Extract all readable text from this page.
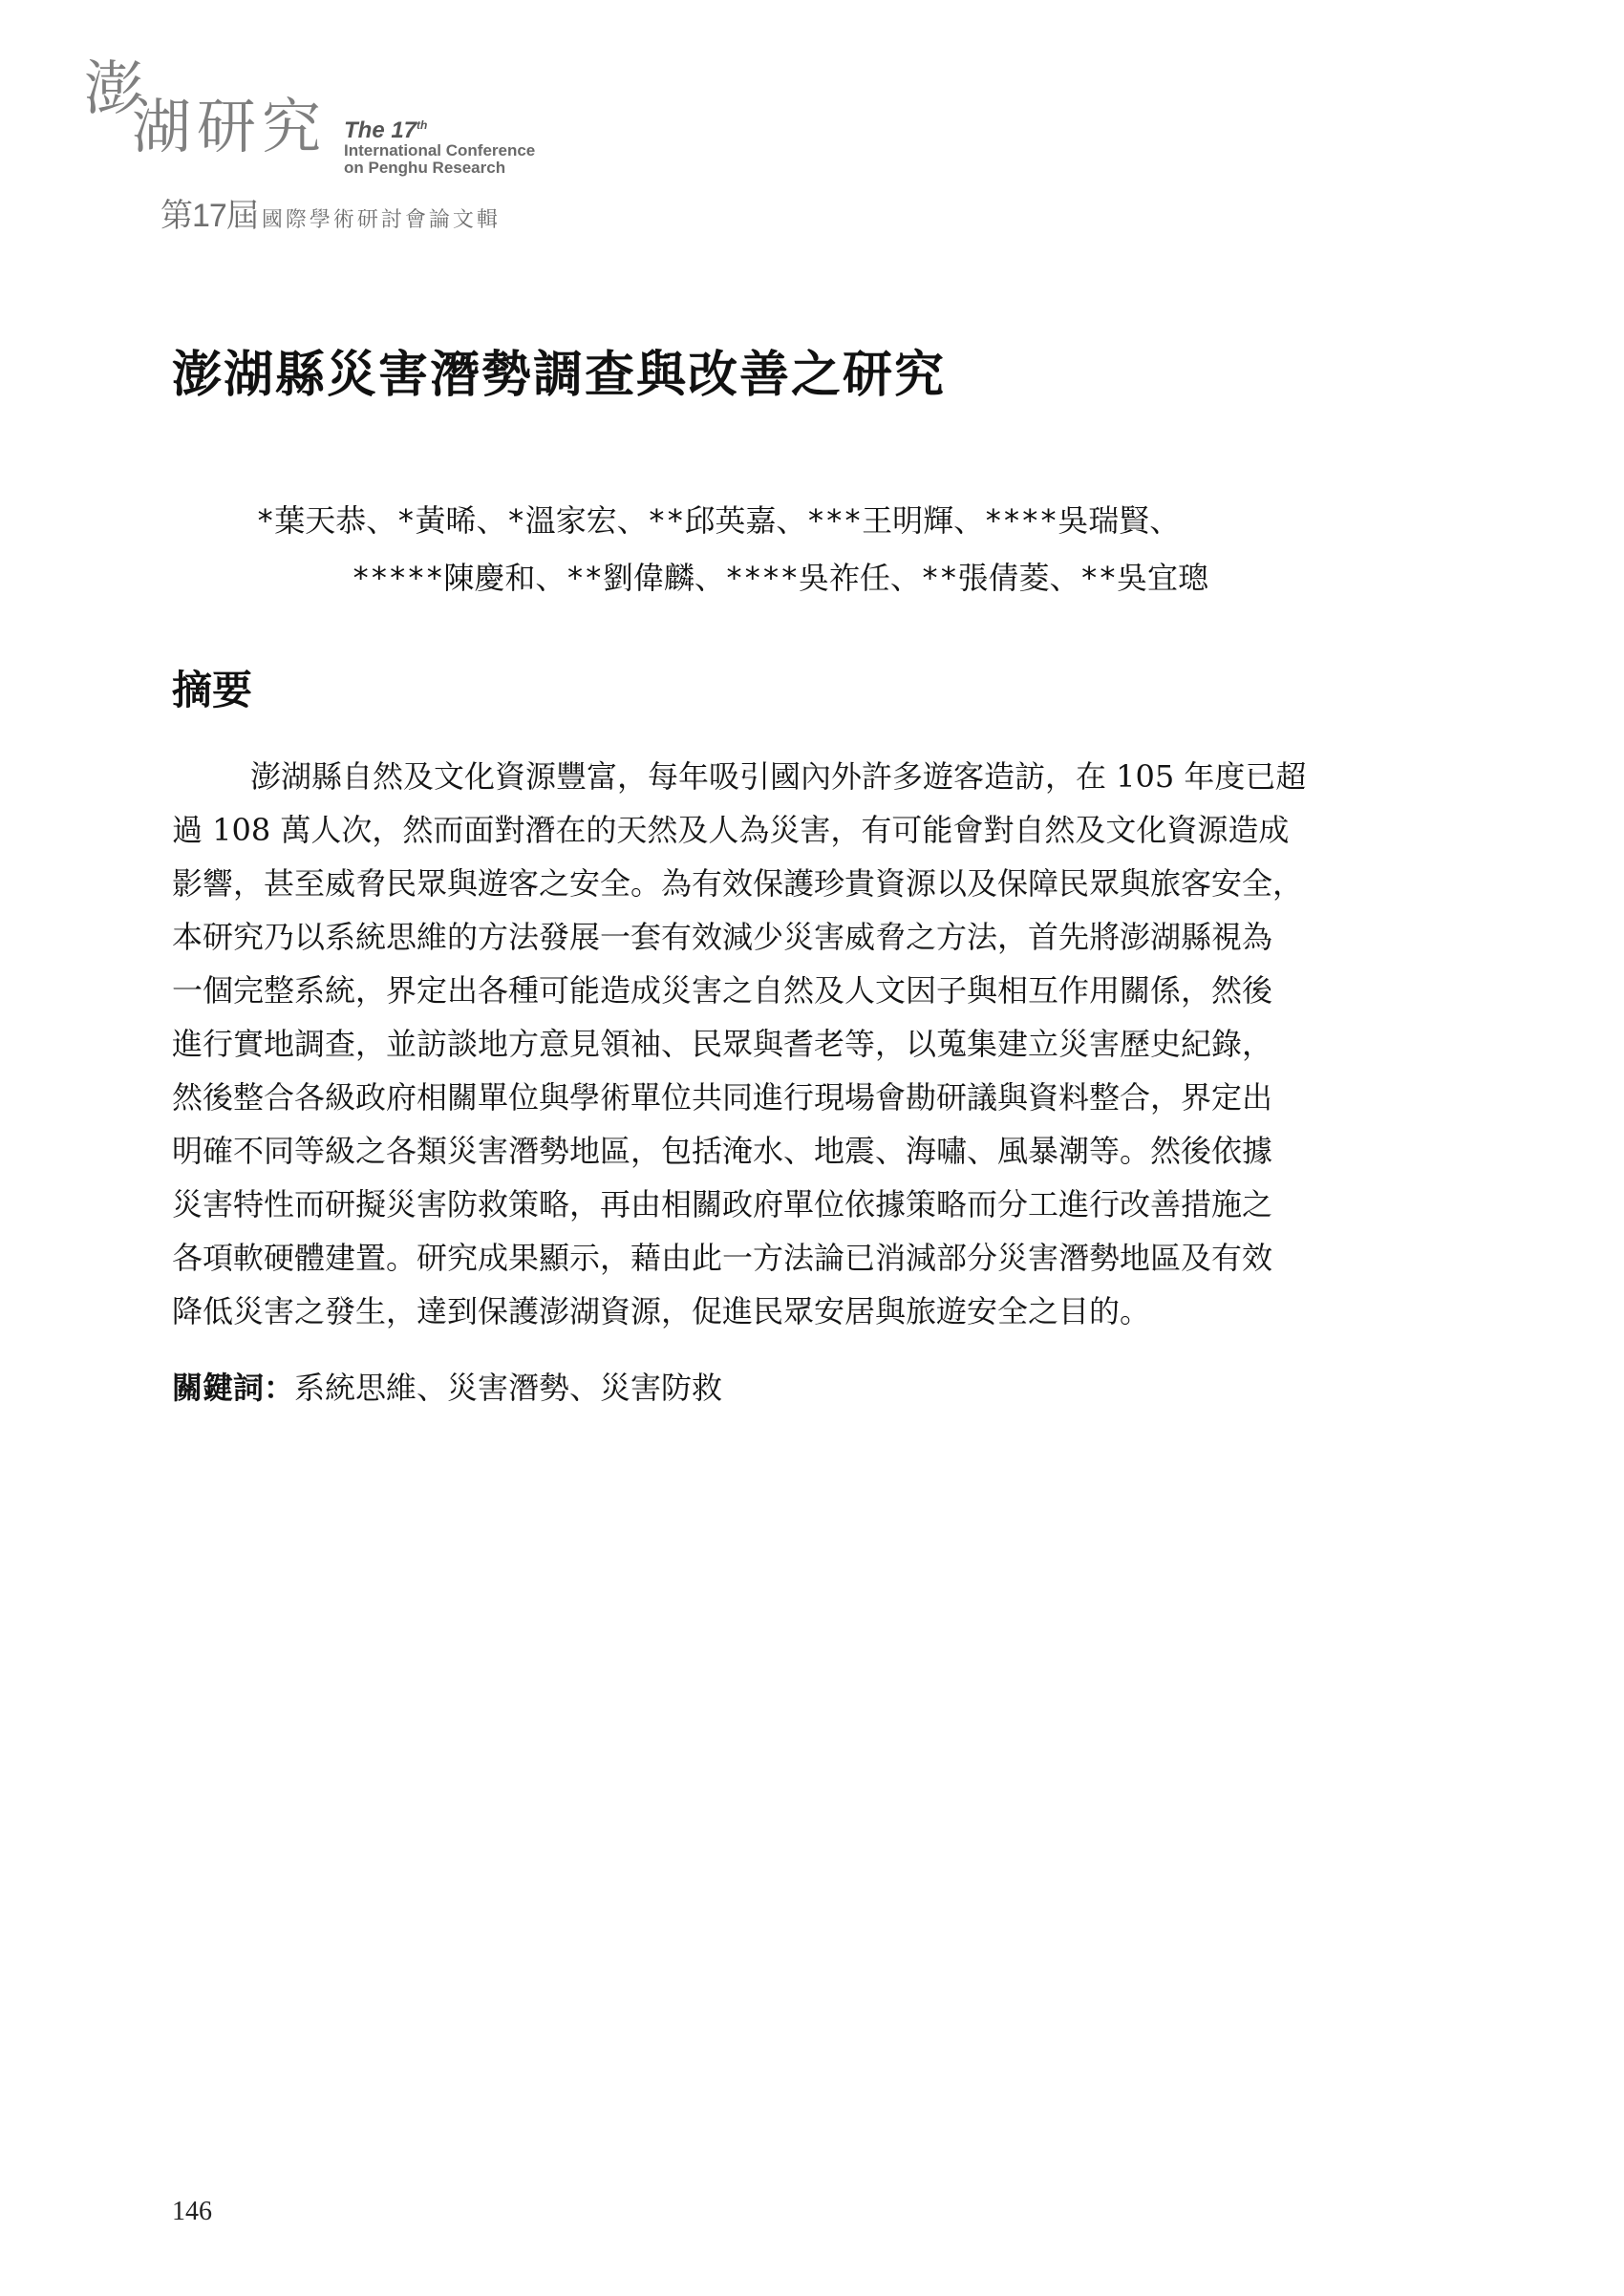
澎
湖 研 究 The 17th
International Conference
on Penghu Research
第17屆 國際學術研討會論文輯
澎湖縣災害潛勢調查與改善之研究
*葉天恭、*黃晞、*溫家宏、**邱英嘉、***王明輝、****吳瑞賢、
*****陳慶和、**劉偉麟、****吳祚任、**張倩菱、**吳宜璁
摘要
澎湖縣自然及文化資源豐富，每年吸引國內外許多遊客造訪，在 105 年度已超
過 108 萬人次，然而面對潛在的天然及人為災害，有可能會對自然及文化資源造成
影響，甚至威脅民眾與遊客之安全。為有效保護珍貴資源以及保障民眾與旅客安全，
本研究乃以系統思維的方法發展一套有效減少災害威脅之方法，首先將澎湖縣視為
一個完整系統，界定出各種可能造成災害之自然及人文因子與相互作用關係，然後
進行實地調查，並訪談地方意見領袖、民眾與耆老等，以蒐集建立災害歷史紀錄，
然後整合各級政府相關單位與學術單位共同進行現場會勘研議與資料整合，界定出
明確不同等級之各類災害潛勢地區，包括淹水、地震、海嘯、風暴潮等。然後依據
災害特性而研擬災害防救策略，再由相關政府單位依據策略而分工進行改善措施之
各項軟硬體建置。研究成果顯示，藉由此一方法論已消減部分災害潛勢地區及有效
降低災害之發生，達到保護澎湖資源，促進民眾安居與旅遊安全之目的。
關鍵詞：系統思維、災害潛勢、災害防救
146
